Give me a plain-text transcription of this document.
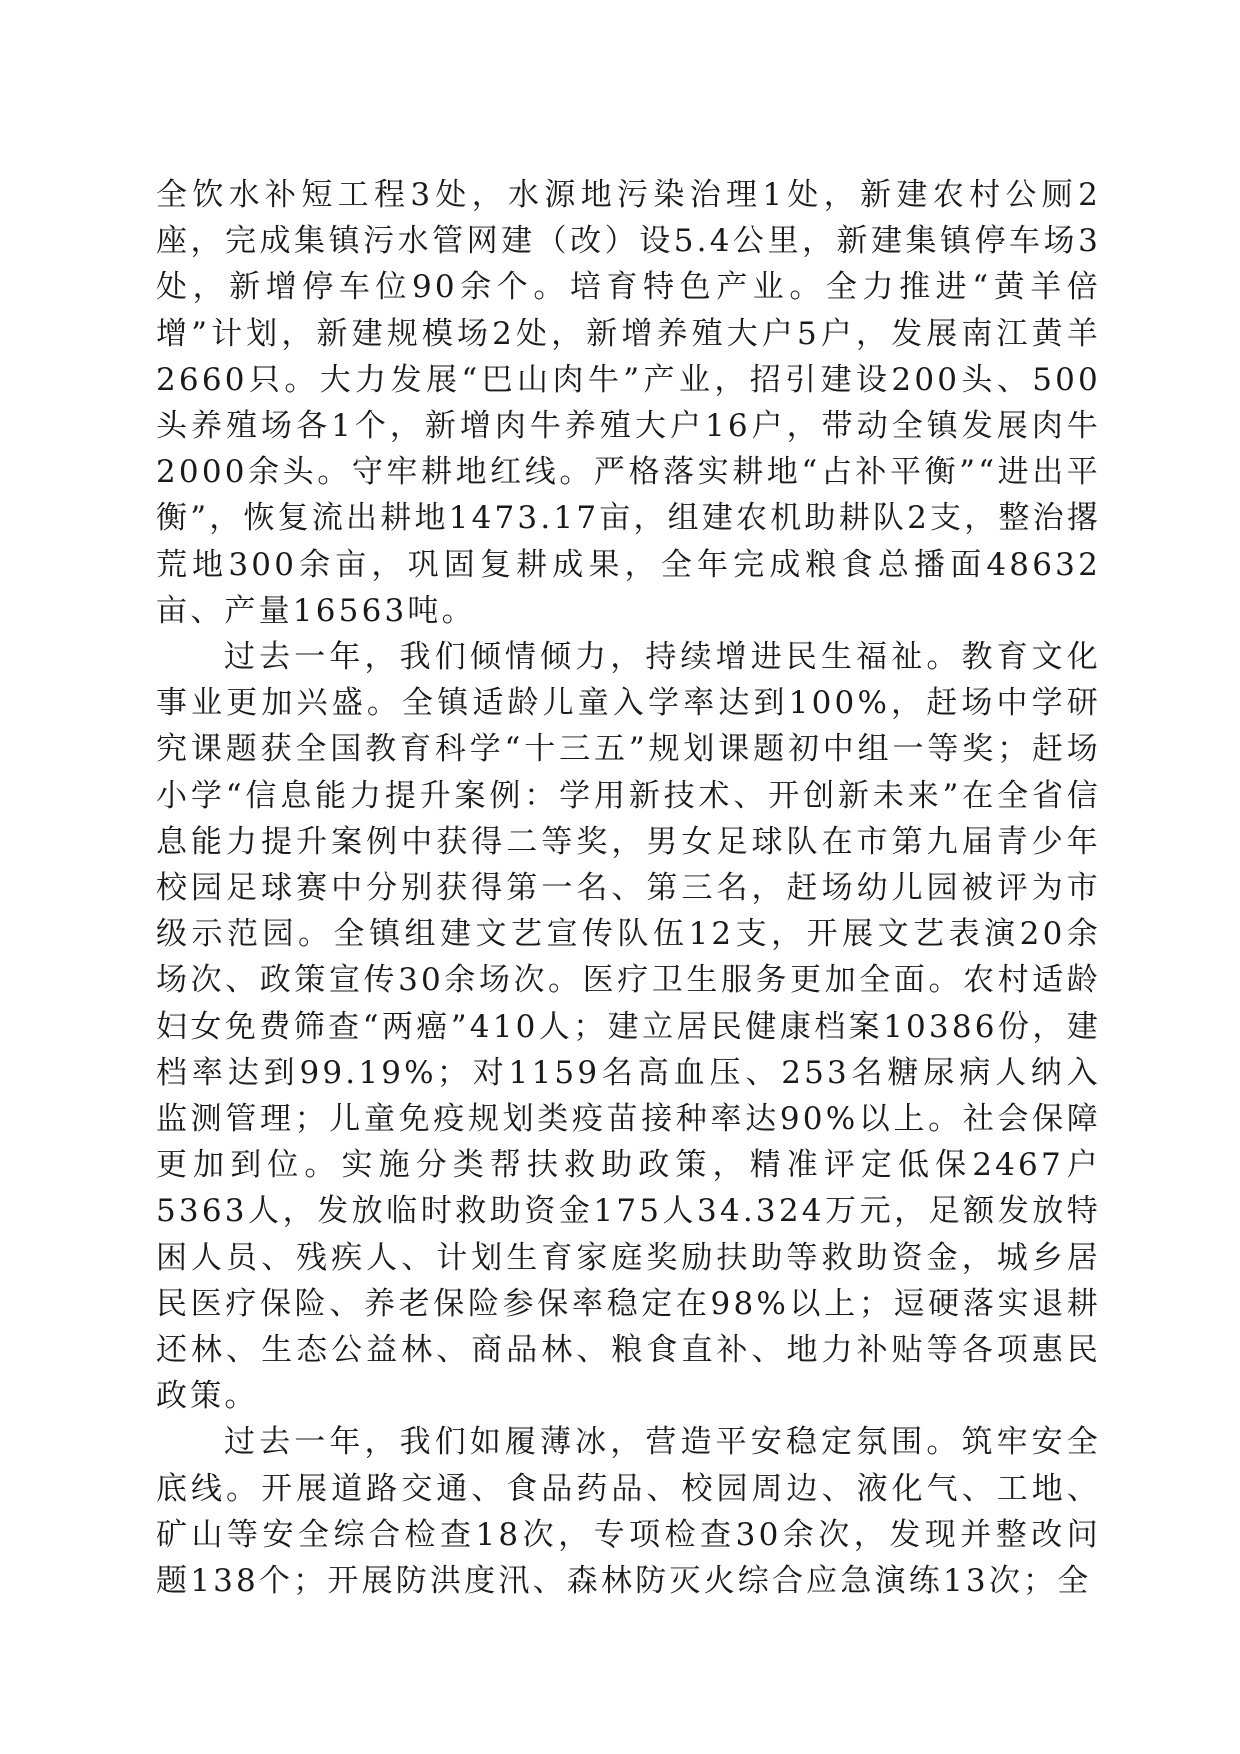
全饮水补短工程3处，水源地污染治理1处，新建农村公厕2座，完成集镇污水管网建（改）设5.4公里，新建集镇停车场3处，新增停车位90余个。培育特色产业。全力推进“黄羊倍增”计划，新建规模场2处，新增养殖大户5户，发展南江黄羊2660只。大力发展“巴山肉牛”产业，招引建设200头、500头养殖场各1个，新增肉牛养殖大户16户，带动全镇发展肉牛2000余头。守牢耕地红线。严格落实耕地“占补平衡”“进出平衡”，恢复流出耕地1473.17亩，组建农机助耕队2支，整治撂荒地300余亩，巩固复耕成果，全年完成粮食总播面48632亩、产量16563吨。

过去一年，我们倾情倾力，持续增进民生福祉。教育文化事业更加兴盛。全镇适龄儿童入学率达到100%，赶场中学研究课题获全国教育科学“十三五”规划课题初中组一等奖；赶场小学“信息能力提升案例：学用新技术、开创新未来”在全省信息能力提升案例中获得二等奖，男女足球队在市第九届青少年校园足球赛中分别获得第一名、第三名，赶场幼儿园被评为市级示范园。全镇组建文艺宣传队伍12支，开展文艺表演20余场次、政策宣传30余场次。医疗卫生服务更加全面。农村适龄妇女免费筛查“两癌”410人；建立居民健康档案10386份，建档率达到99.19%；对1159名高血压、253名糖尿病人纳入监测管理；儿童免疫规划类疫苗接种率达90%以上。社会保障更加到位。实施分类帮扶救助政策，精准评定低保2467户5363人，发放临时救助资金175人34.324万元，足额发放特困人员、残疾人、计划生育家庭奖励扶助等救助资金，城乡居民医疗保险、养老保险参保率稳定在98%以上；逗硬落实退耕还林、生态公益林、商品林、粮食直补、地力补贴等各项惠民政策。

过去一年，我们如履薄冰，营造平安稳定氛围。筑牢安全底线。开展道路交通、食品药品、校园周边、液化气、工地、矿山等安全综合检查18次，专项检查30余次，发现并整改问题138个；开展防洪度汛、森林防灭火综合应急演练13次；全
